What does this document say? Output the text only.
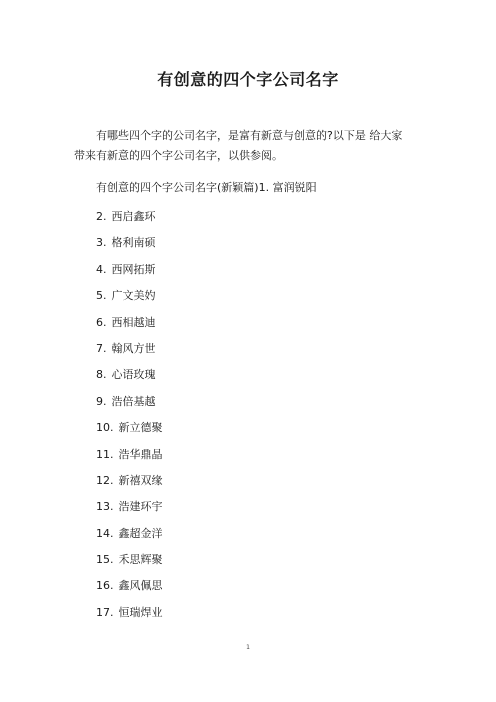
有创意的四个字公司名字
有哪些四个字的公司名字，是富有新意与创意的?以下是 给大家
带来有新意的四个字公司名字，以供参阅。
有创意的四个字公司名字(新颖篇)1. 富润锐阳
2. 西启鑫环
3. 格利南硕
4. 西网拓斯
5. 广文美妁
6. 西相越迪
7. 翰风方世
8. 心语玫瑰
9. 浩倍基越
10. 新立德聚
11. 浩华鼎晶
12. 新禧双缘
13. 浩建环宇
14. 鑫超金洋
15. 禾思辉聚
16. 鑫风佩思
17. 恒瑞焊业
1
